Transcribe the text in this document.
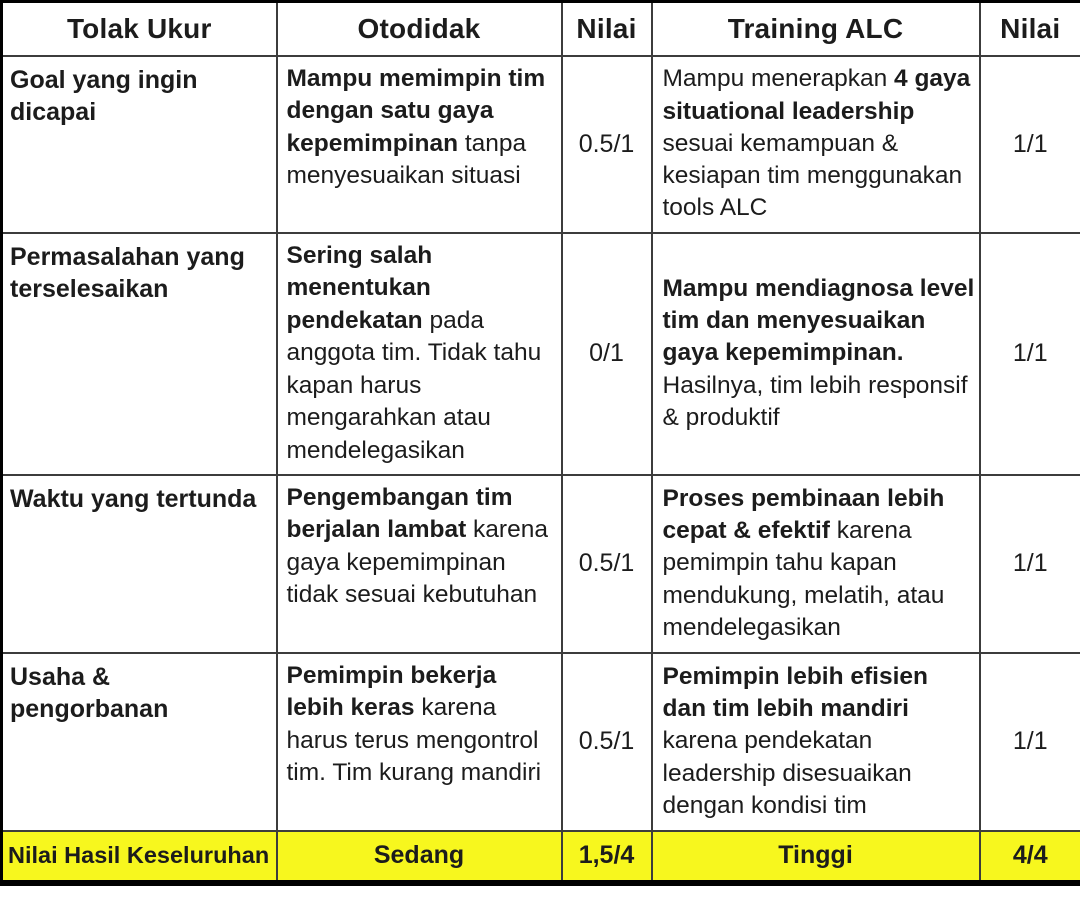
Tolak Ukur	Otodidak	Nilai	Training ALC	Nilai
Goal yang ingin dicapai	Mampu memimpin tim dengan satu gaya kepemimpinan tanpa menyesuaikan situasi	0.5/1	Mampu menerapkan 4 gaya situational leadership sesuai kemampuan & kesiapan tim menggunakan tools ALC	1/1
Permasalahan yang terselesaikan	Sering salah menentukan pendekatan pada anggota tim. Tidak tahu kapan harus mengarahkan atau mendelegasikan	0/1	Mampu mendiagnosa level tim dan menyesuaikan gaya kepemimpinan. Hasilnya, tim lebih responsif & produktif	1/1
Waktu yang tertunda	Pengembangan tim berjalan lambat karena gaya kepemimpinan tidak sesuai kebutuhan	0.5/1	Proses pembinaan lebih cepat & efektif karena pemimpin tahu kapan mendukung, melatih, atau mendelegasikan	1/1
Usaha & pengorbanan	Pemimpin bekerja lebih keras karena harus terus mengontrol tim. Tim kurang mandiri	0.5/1	Pemimpin lebih efisien dan tim lebih mandiri karena pendekatan leadership disesuaikan dengan kondisi tim	1/1
Nilai Hasil Keseluruhan	Sedang	1,5/4	Tinggi	4/4
